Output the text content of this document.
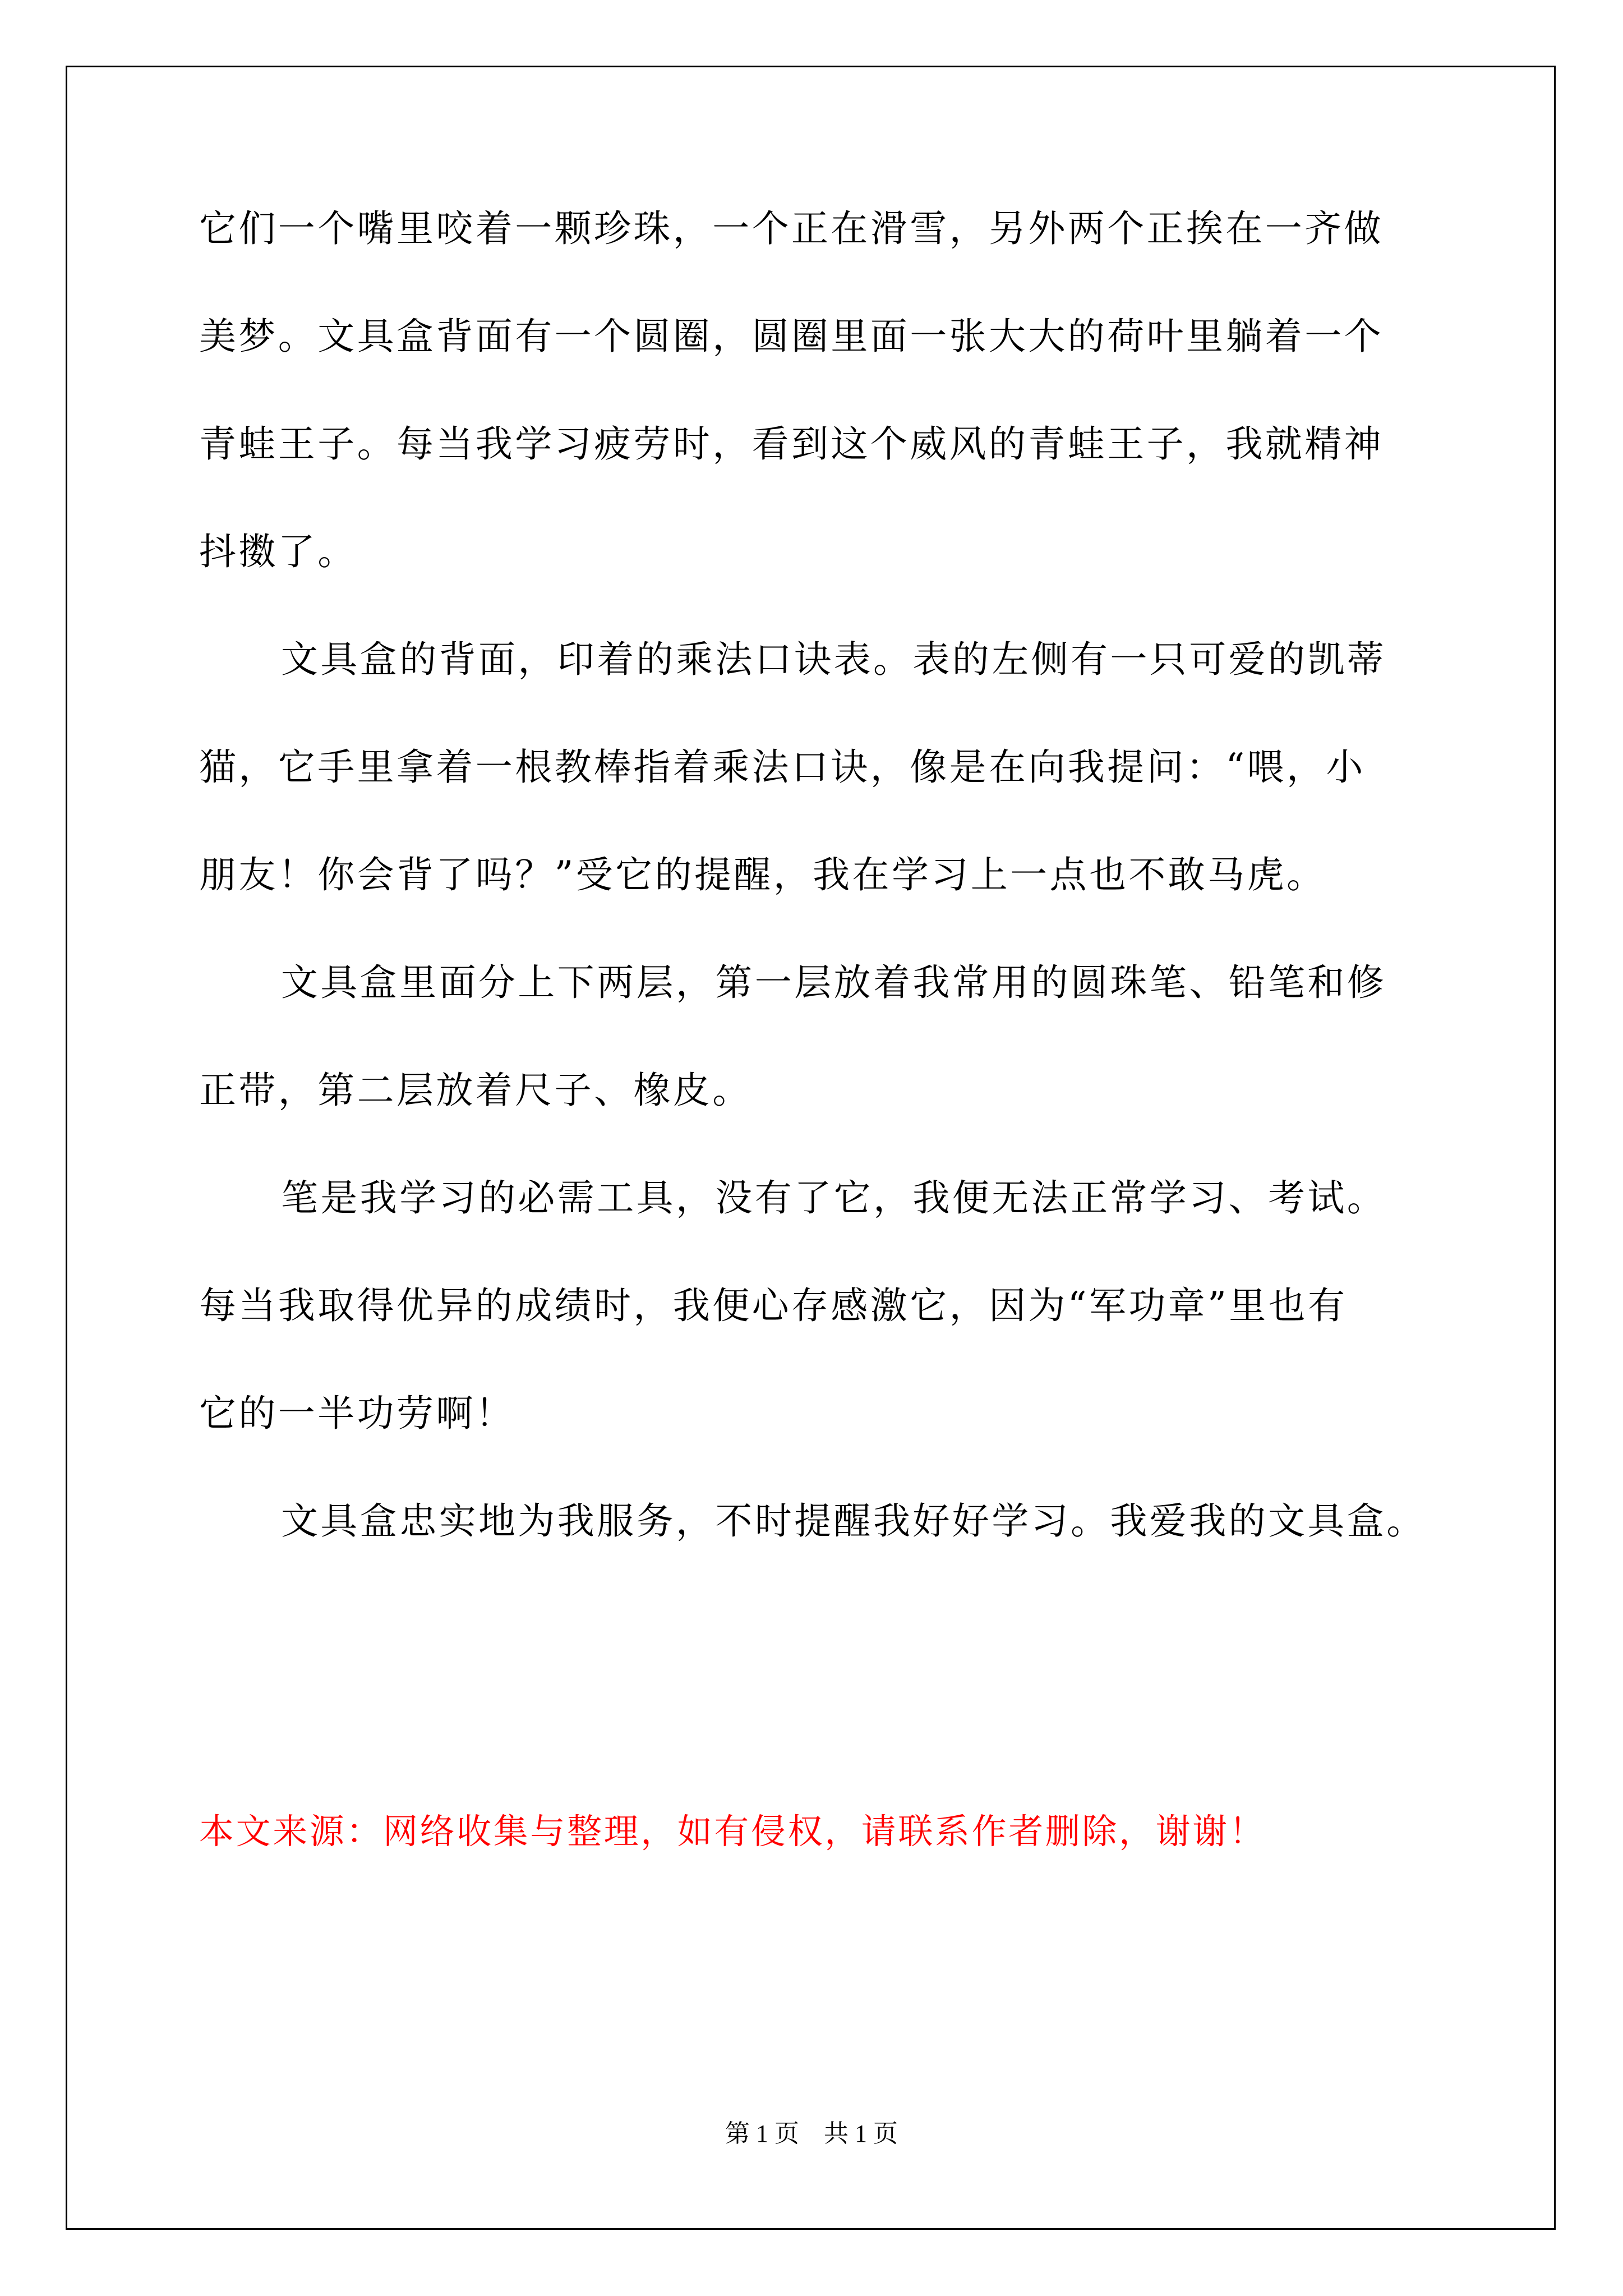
它们一个嘴里咬着一颗珍珠，一个正在滑雪，另外两个正挨在一齐做
美梦。文具盒背面有一个圆圈，圆圈里面一张大大的荷叶里躺着一个
青蛙王子。每当我学习疲劳时，看到这个威风的青蛙王子，我就精神
抖擞了。
文具盒的背面，印着的乘法口诀表。表的左侧有一只可爱的凯蒂
猫，它手里拿着一根教棒指着乘法口诀，像是在向我提问：“喂，小
朋友！你会背了吗？”受它的提醒，我在学习上一点也不敢马虎。
文具盒里面分上下两层，第一层放着我常用的圆珠笔、铅笔和修
正带，第二层放着尺子、橡皮。
笔是我学习的必需工具，没有了它，我便无法正常学习、考试。
每当我取得优异的成绩时，我便心存感激它，因为“军功章”里也有
它的一半功劳啊！
文具盒忠实地为我服务，不时提醒我好好学习。我爱我的文具盒。
本文来源：网络收集与整理，如有侵权，请联系作者删除，谢谢！
第 1 页　共 1 页
